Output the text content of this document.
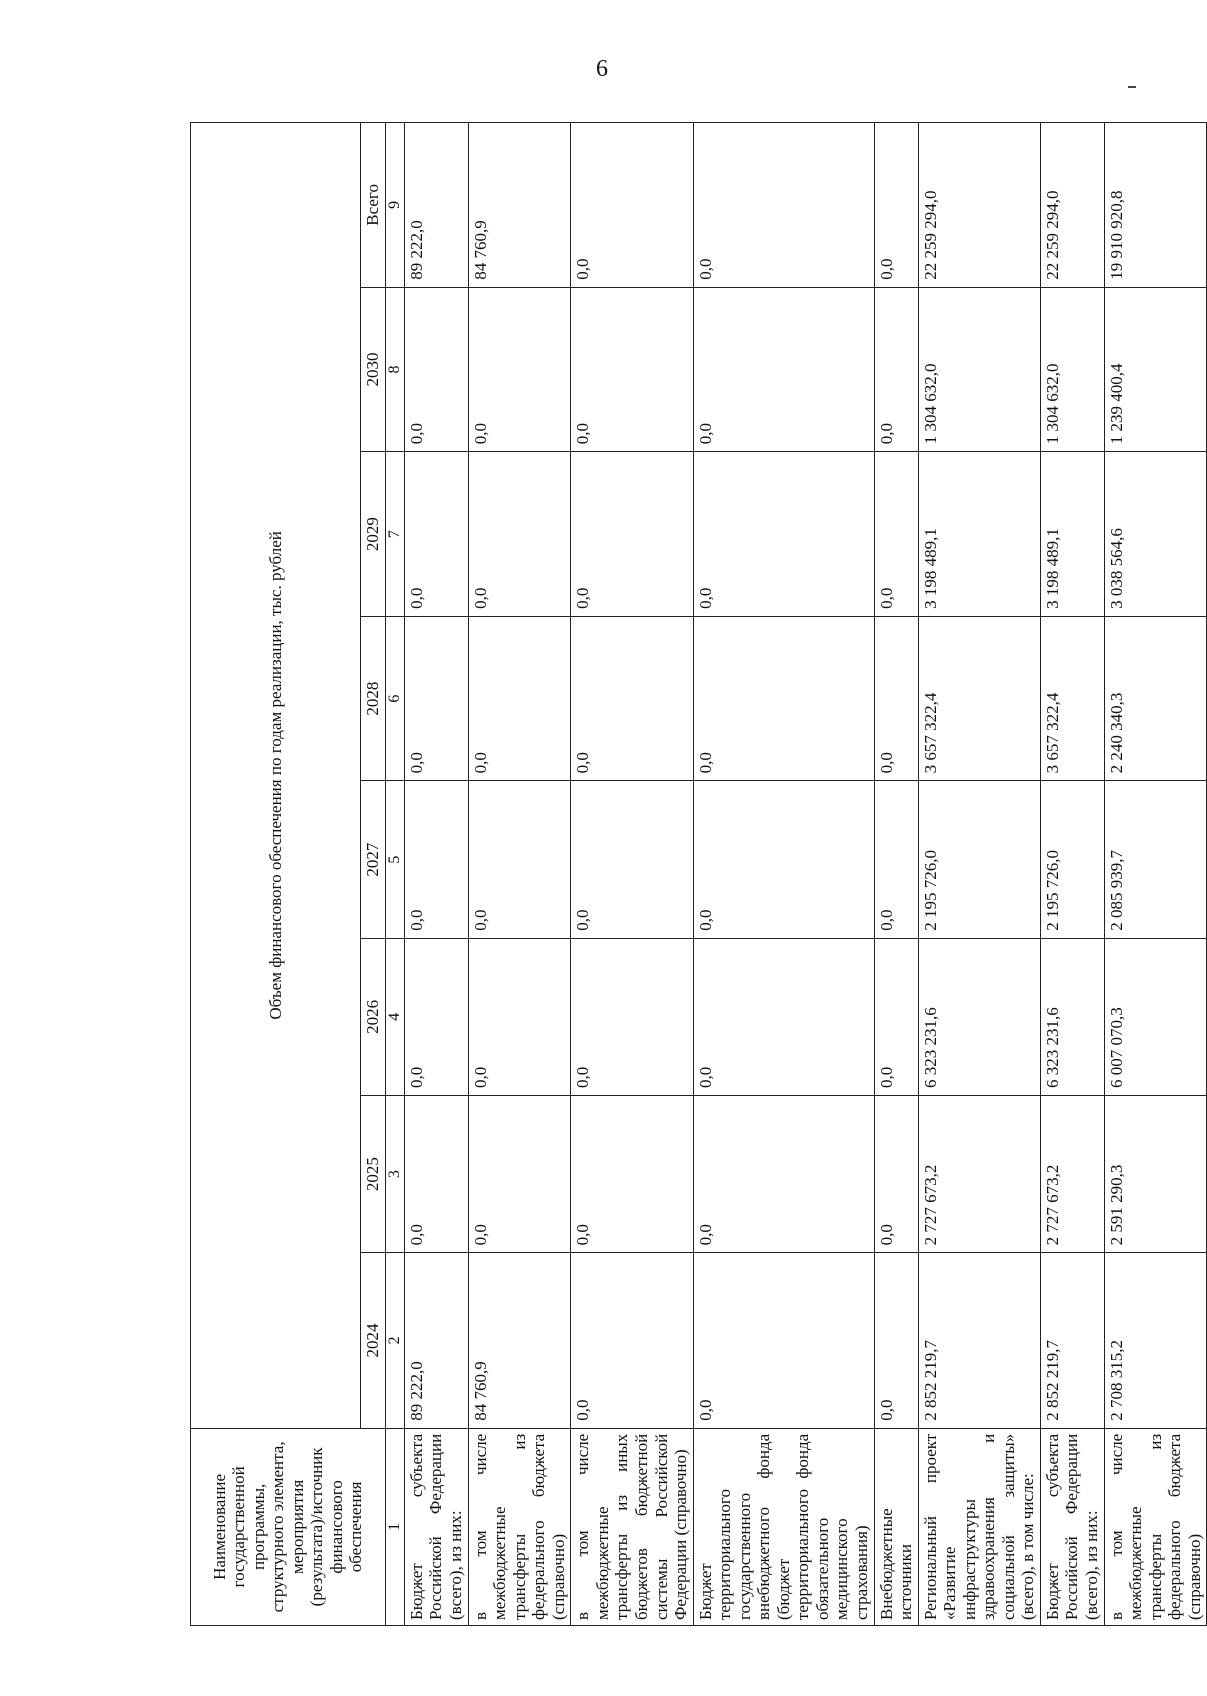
6
Наименование государственной программы, структурного элемента, мероприятия (результата)/источник финансового обеспечения	Объем финансового обеспечения по годам реализации, тыс. рублей							
	2024	2025	2026	2027	2028	2029	2030	Всего
1	2	3	4	5	6	7	8	9
Бюджет субъекта Российской Федерации (всего), из них:	89 222,0	0,0	0,0	0,0	0,0	0,0	0,0	89 222,0
в том числе межбюджетные трансферты из федерального бюджета (справочно)	84 760,9	0,0	0,0	0,0	0,0	0,0	0,0	84 760,9
в том числе межбюджетные трансферты из иных бюджетов бюджетной системы Российской Федерации (справочно)	0,0	0,0	0,0	0,0	0,0	0,0	0,0	0,0
Бюджет территориального государственного внебюджетного фонда (бюджет территориального фонда обязательного медицинского страхования)	0,0	0,0	0,0	0,0	0,0	0,0	0,0	0,0
Внебюджетные источники	0,0	0,0	0,0	0,0	0,0	0,0	0,0	0,0
Региональный проект «Развитие инфраструктуры здравоохранения и социальной защиты» (всего), в том числе:	2 852 219,7	2 727 673,2	6 323 231,6	2 195 726,0	3 657 322,4	3 198 489,1	1 304 632,0	22 259 294,0
Бюджет субъекта Российской Федерации (всего), из них:	2 852 219,7	2 727 673,2	6 323 231,6	2 195 726,0	3 657 322,4	3 198 489,1	1 304 632,0	22 259 294,0
в том числе межбюджетные трансферты из федерального бюджета (справочно)	2 708 315,2	2 591 290,3	6 007 070,3	2 085 939,7	2 240 340,3	3 038 564,6	1 239 400,4	19 910 920,8
